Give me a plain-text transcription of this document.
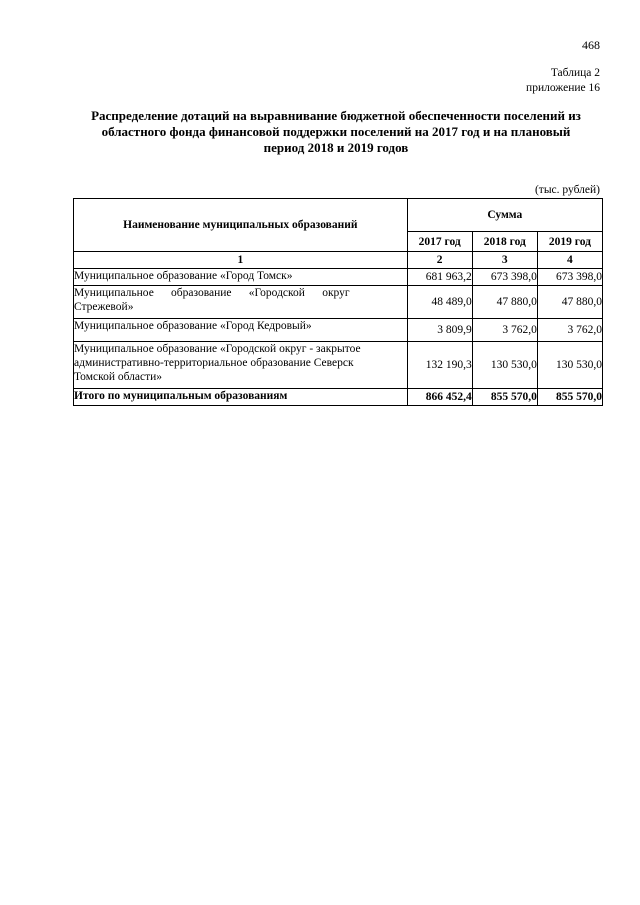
468
Таблица 2
приложение 16
Распределение дотаций на выравнивание бюджетной обеспеченности поселений из
областного фонда финансовой поддержки поселений на 2017 год и на плановый
период 2018 и 2019 годов
(тыс. рублей)
Наименование муниципальных образований	Сумма		
	2017 год	2018 год	2019 год
1	2	3	4
Муниципальное образование «Город Томск»	681 963,2	673 398,0	673 398,0

Муниципальное      образование      «Городской      округ
Стрежевой»	48 489,0	47 880,0	47 880,0
Муниципальное образование «Город Кедровый»	3 809,9	3 762,0	3 762,0

Муниципальное образование «Городской округ - закрытое
административно-территориальное образование Северск
Томской области»	132 190,3	130 530,0	130 530,0
Итого по муниципальным образованиям	866 452,4	855 570,0	855 570,0
